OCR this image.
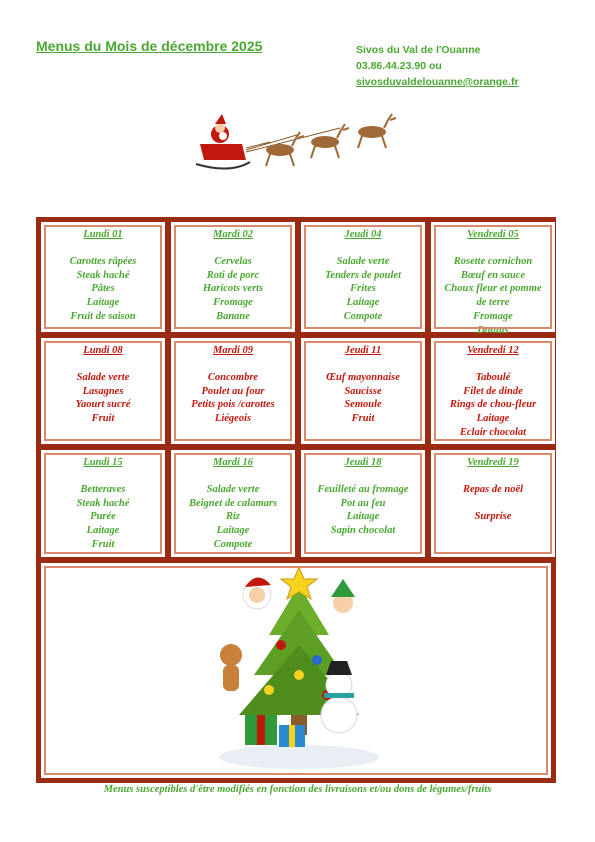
Menus du Mois de décembre 2025	Sivos du Val de l'Ouanne
03.86.44.23.90 ou
sivosduvaldelouanne@orange.fr
Lundi 01
Carottes râpées
Steak haché
Pâtes
Laitage
Fruit de saison
Mardi 02
Cervelas
Roti de porc
Haricots verts
Fromage
Banane
Jeudi 04
Salade verte
Tenders de poulet
Frites
Laitage
Compote
Vendredi 05
Rosette cornichon
Bœuf en sauce
Choux fleur et pomme
de terre
Fromage
Donuts
Lundi 08
Salade verte
Lasagnes
Yaourt sucré
Fruit
Mardi 09
Concombre
Poulet au four
Petits pois /carottes
Liégeois
Jeudi 11
Œuf mayonnaise
Saucisse
Semoule
Fruit
Vendredi 12
Taboulé
Filet de dinde
Rings de chou-fleur
Laitage
Eclair chocolat
Lundi 15
Betteraves
Steak haché
Purée
Laitage
Fruit
Mardi 16
Salade verte
Beignet de calamars
Riz
Laitage
Compote
Jeudi 18
Feuilleté au fromage
Pot au feu
Laitage
Sapin chocolat
Vendredi 19
Repas de noël

Surprise
Menus susceptibles d'être modifiés en fonction des livraisons et/ou dons de légumes/fruits
